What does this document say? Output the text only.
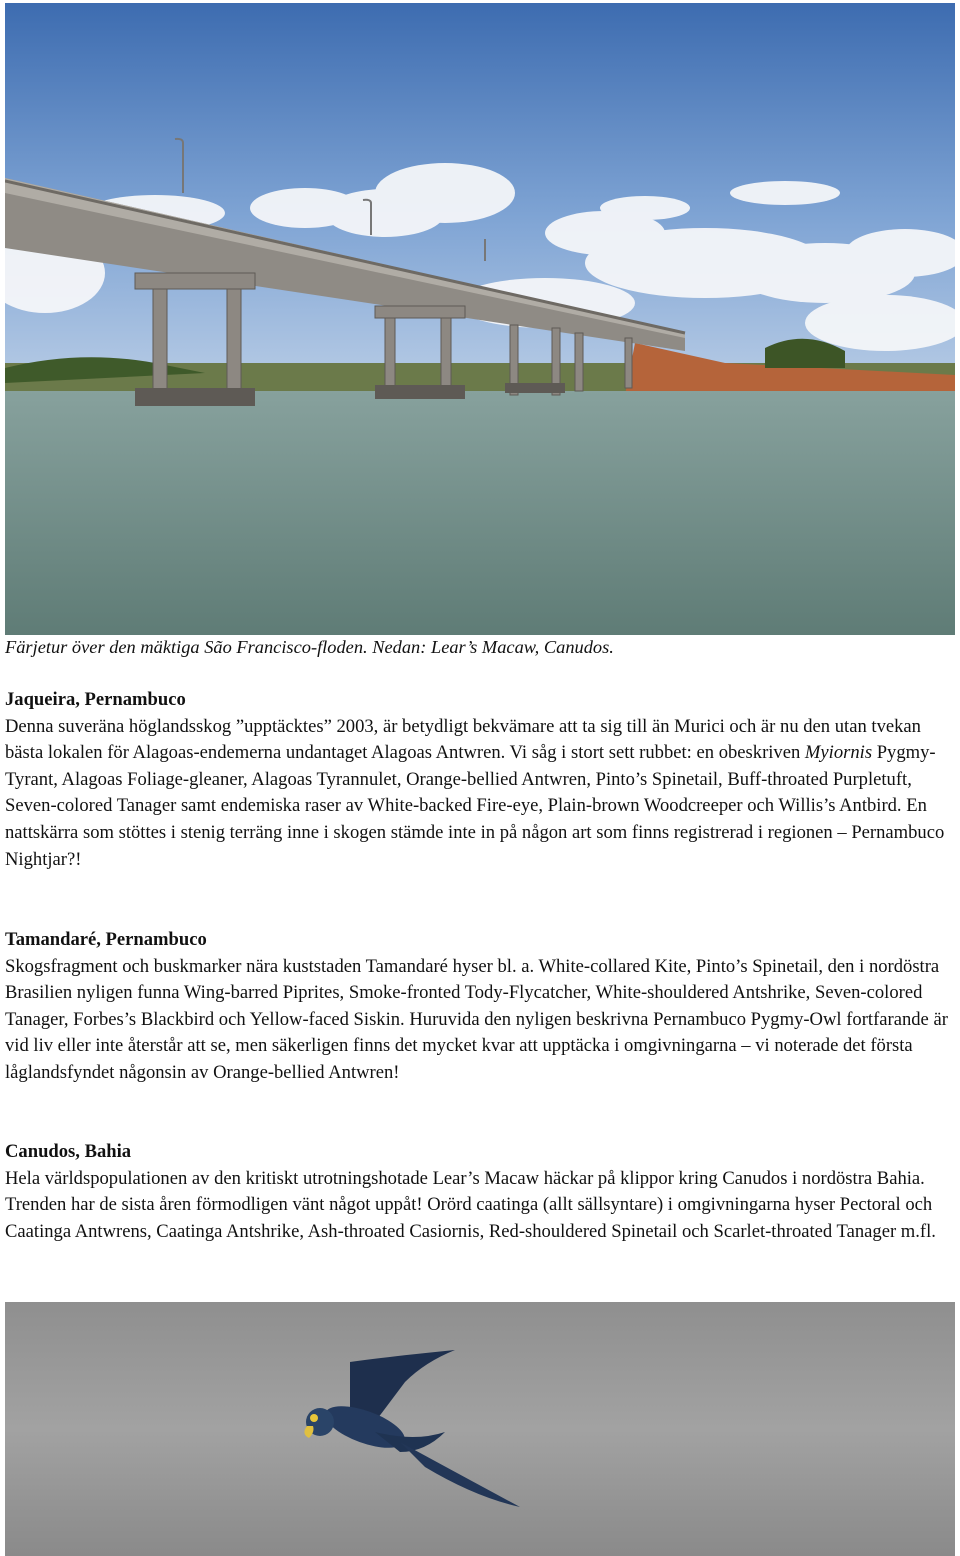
Färjetur över den mäktiga São Francisco-floden. Nedan: Lear’s Macaw, Canudos.
Jaqueira, Pernambuco
Denna suveräna höglandsskog ”upptäcktes” 2003, är betydligt bekvämare att ta sig till än Murici och är nu den utan tvekan bästa lokalen för Alagoas-endemerna undantaget Alagoas Antwren. Vi såg i stort sett rubbet: en obeskriven Myiornis Pygmy-Tyrant, Alagoas Foliage-gleaner, Alagoas Tyrannulet, Orange-bellied Antwren, Pinto’s Spinetail, Buff-throated Purpletuft, Seven-colored Tanager samt endemiska raser av White-backed Fire-eye, Plain-brown Woodcreeper och Willis’s Antbird. En nattskärra som stöttes i stenig terräng inne i skogen stämde inte in på någon art som finns registrerad i regionen – Pernambuco Nightjar?!
Tamandaré, Pernambuco
Skogsfragment och buskmarker nära kuststaden Tamandaré hyser bl. a. White-collared Kite, Pinto’s Spinetail, den i nordöstra Brasilien nyligen funna Wing-barred Piprites, Smoke-fronted Tody-Flycatcher, White-shouldered Antshrike, Seven-colored Tanager, Forbes’s Blackbird och Yellow-faced Siskin. Huruvida den nyligen beskrivna Pernambuco Pygmy-Owl fortfarande är vid liv eller inte återstår att se, men säkerligen finns det mycket kvar att upptäcka i omgivningarna – vi noterade det första låglandsfyndet någonsin av Orange-bellied Antwren!
Canudos, Bahia
Hela världspopulationen av den kritiskt utrotningshotade Lear’s Macaw häckar på klippor kring Canudos i nordöstra Bahia. Trenden har de sista åren förmodligen vänt något uppåt! Orörd caatinga (allt sällsyntare) i omgivningarna hyser Pectoral och Caatinga Antwrens, Caatinga Antshrike, Ash-throated Casiornis, Red-shouldered Spinetail och Scarlet-throated Tanager m.fl.
